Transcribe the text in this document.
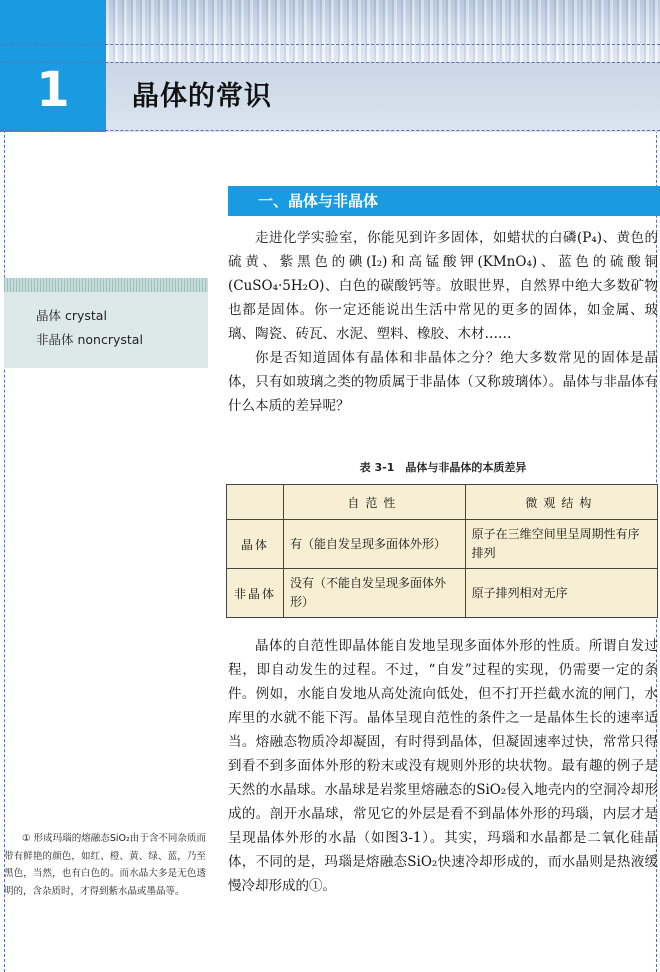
1	晶体的常识
一、晶体与非晶体
晶体 crystal
非晶体 noncrystal

走进化学实验室，你能见到许多固体，如蜡状的白磷(P₄)、黄色的硫黄、紫黑色的碘(I₂)和高锰酸钾(KMnO₄)、蓝色的硫酸铜(CuSO₄·5H₂O)、白色的碳酸钙等。放眼世界，自然界中绝大多数矿物也都是固体。你一定还能说出生活中常见的更多的固体，如金属、玻璃、陶瓷、砖瓦、水泥、塑料、橡胶、木材……

你是否知道固体有晶体和非晶体之分？绝大多数常见的固体是晶体，只有如玻璃之类的物质属于非晶体（又称玻璃体）。晶体与非晶体有什么本质的差异呢？

表 3-1　晶体与非晶体的本质差异
	自范性	微观结构
晶体	有（能自发呈现多面体外形）	原子在三维空间里呈周期性有序排列
非晶体	没有（不能自发呈现多面体外形）	原子排列相对无序

晶体的自范性即晶体能自发地呈现多面体外形的性质。所谓自发过程，即自动发生的过程。不过，“自发”过程的实现，仍需要一定的条件。例如，水能自发地从高处流向低处，但不打开拦截水流的闸门，水库里的水就不能下泻。晶体呈现自范性的条件之一是晶体生长的速率适当。熔融态物质冷却凝固，有时得到晶体，但凝固速率过快，常常只得到看不到多面体外形的粉末或没有规则外形的块状物。最有趣的例子是天然的水晶球。水晶球是岩浆里熔融态的SiO₂侵入地壳内的空洞冷却形成的。剖开水晶球，常见它的外层是看不到晶体外形的玛瑙，内层才是呈现晶体外形的水晶（如图3-1）。其实，玛瑙和水晶都是二氧化硅晶体，不同的是，玛瑙是熔融态SiO₂快速冷却形成的，而水晶则是热液缓慢冷却形成的①。

① 形成玛瑙的熔融态SiO₂由于含不同杂质而带有鲜艳的颜色，如红、橙、黄、绿、蓝，乃至黑色，当然，也有白色的。而水晶大多是无色透明的，含杂质时，才得到紫水晶或墨晶等。
